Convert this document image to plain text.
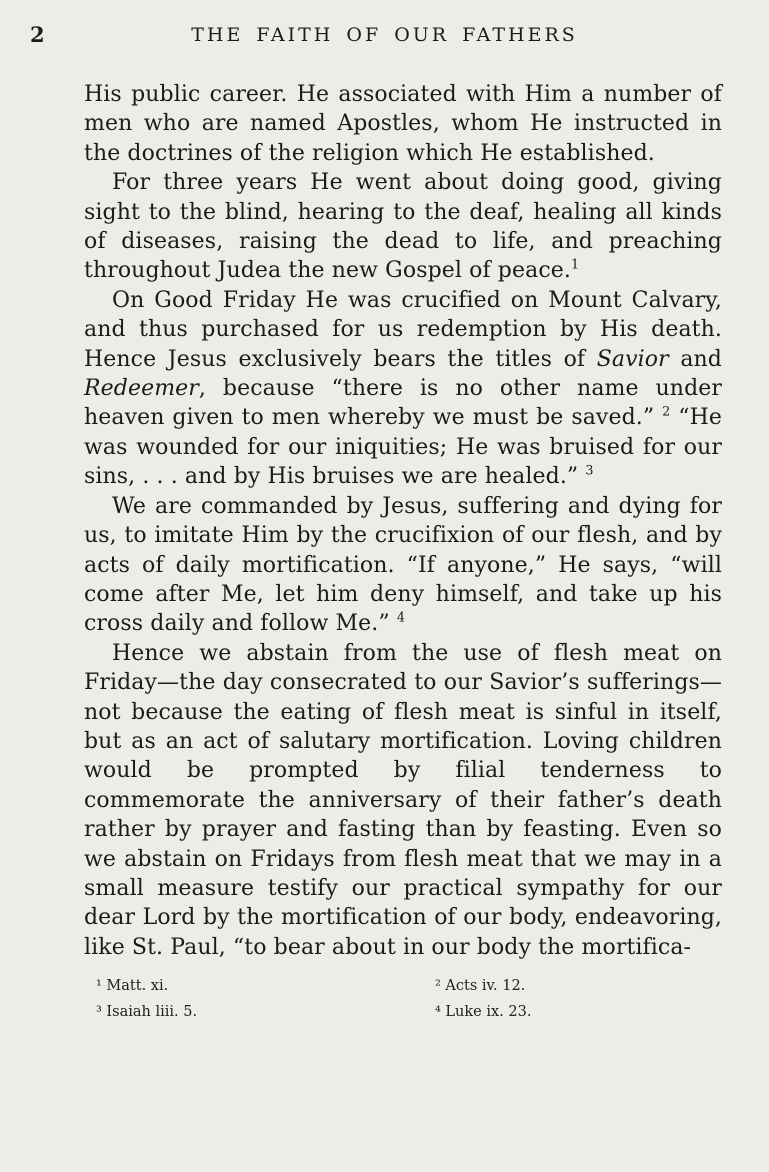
2	THE FAITH OF OUR FATHERS

His public career. He associated with Him a number of men who are named Apostles, whom He instructed in the doctrines of the religion which He established.

For three years He went about doing good, giving sight to the blind, hearing to the deaf, healing all kinds of diseases, raising the dead to life, and preaching throughout Judea the new Gospel of peace.$^1$

On Good Friday He was crucified on Mount Calvary, and thus purchased for us redemption by His death. Hence Jesus exclusively bears the titles of Savior and Redeemer, because “there is no other name under heaven given to men whereby we must be saved.” $^2$ “He was wounded for our iniquities; He was bruised for our sins, . . . and by His bruises we are healed.” $^3$

We are commanded by Jesus, suffering and dying for us, to imitate Him by the crucifixion of our flesh, and by acts of daily mortification. “If anyone,” He says, “will come after Me, let him deny himself, and take up his cross daily and follow Me.” $^4$

Hence we abstain from the use of flesh meat on Friday—the day consecrated to our Savior’s sufferings—not because the eating of flesh meat is sinful in itself, but as an act of salutary mortification. Loving children would be prompted by filial tenderness to commemorate the anniversary of their father’s death rather by prayer and fasting than by feasting. Even so we abstain on Fridays from flesh meat that we may in a small measure testify our practical sympathy for our dear Lord by the mortification of our body, endeavoring, like St. Paul, “to bear about in our body the mortifica-

¹ Matt. xi.
³ Isaiah liii. 5.
² Acts iv. 12.
⁴ Luke ix. 23.
